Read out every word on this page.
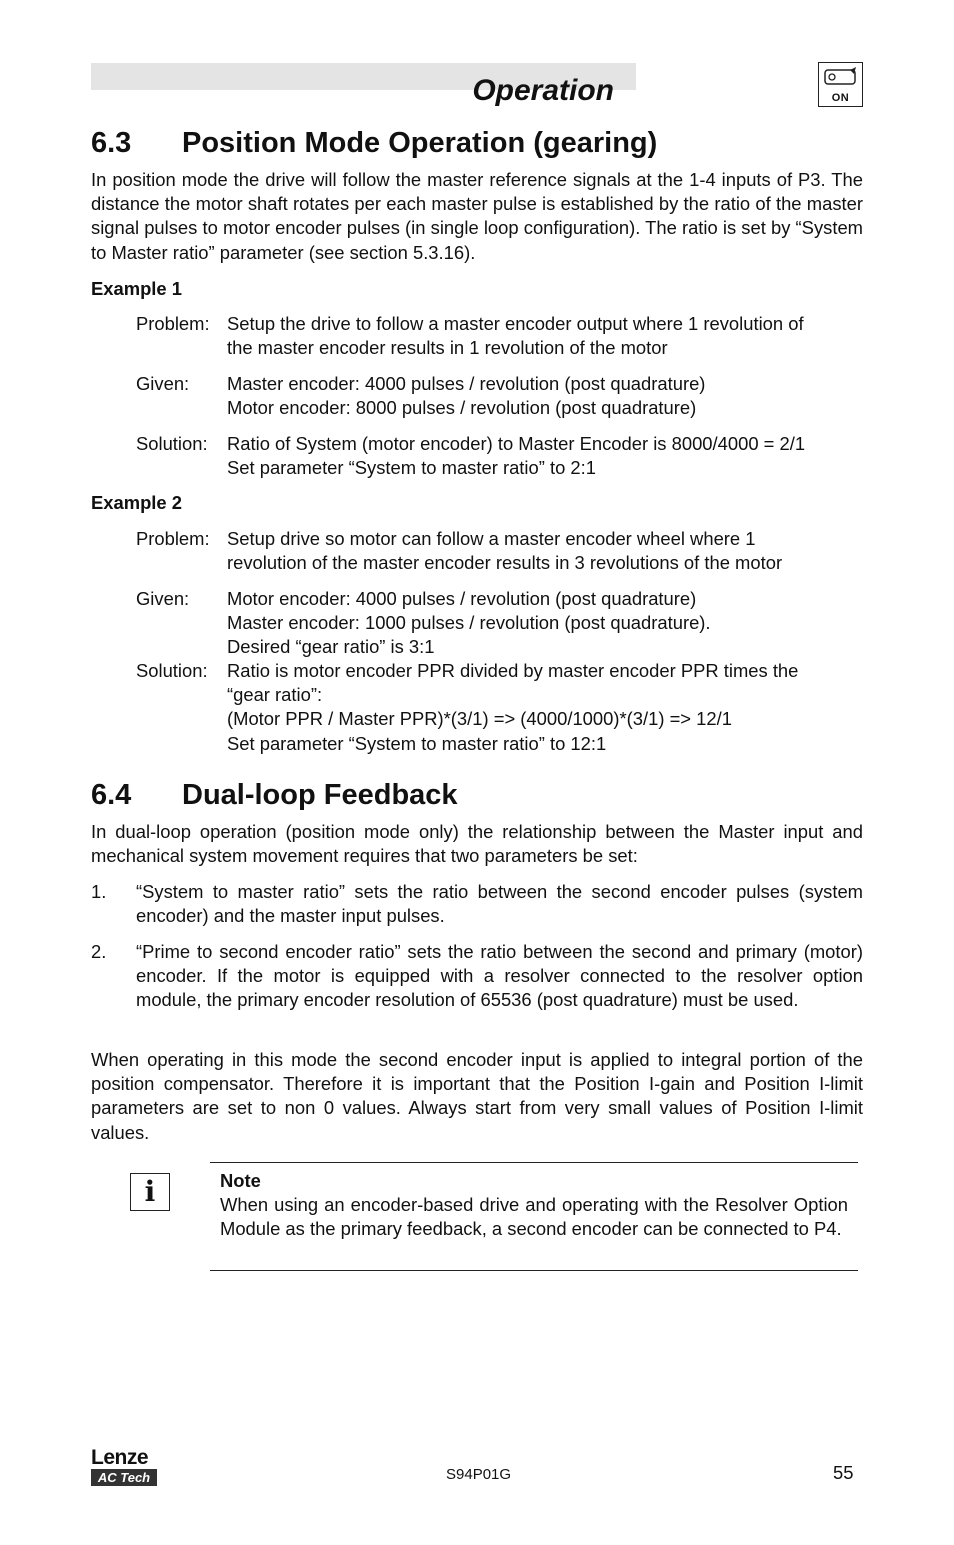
Operation	ON
6.3 Position Mode Operation (gearing)

In position mode the drive will follow the master reference signals at the 1-4 inputs of P3. The distance the motor shaft rotates per each master pulse is established by the ratio of the master signal pulses to motor encoder pulses (in single loop configuration). The ratio is set by “System to Master ratio” parameter (see section 5.3.16).

Example 1
Problem: Setup the drive to follow a master encoder output where 1 revolution of
the master encoder results in 1 revolution of the motor
Given: Master encoder: 4000 pulses / revolution (post quadrature)
Motor encoder: 8000 pulses / revolution (post quadrature)
Solution: Ratio of System (motor encoder) to Master Encoder is 8000/4000 = 2/1
Set parameter “System to master ratio” to 2:1
Example 2
Problem: Setup drive so motor can follow a master encoder wheel where 1
revolution of the master encoder results in 3 revolutions of the motor
Given: Motor encoder: 4000 pulses / revolution (post quadrature)
Master encoder: 1000 pulses / revolution (post quadrature).
Desired “gear ratio” is 3:1
Solution: Ratio is motor encoder PPR divided by master encoder PPR times the
“gear ratio”:
(Motor PPR / Master PPR)*(3/1) => (4000/1000)*(3/1) => 12/1
Set parameter “System to master ratio” to 12:1
6.4 Dual-loop Feedback

In dual-loop operation (position mode only) the relationship between the Master input and mechanical system movement requires that two parameters be set:

1. “System to master ratio” sets the ratio between the second encoder pulses (system encoder) and the master input pulses.
2. “Prime to second encoder ratio” sets the ratio between the second and primary (motor) encoder. If the motor is equipped with a resolver connected to the resolver option module, the primary encoder resolution of 65536 (post quadrature) must be used.

When operating in this mode the second encoder input is applied to integral portion of the position compensator. Therefore it is important that the Position I-gain and Position I-limit parameters are set to non 0 values. Always start from very small values of Position I-limit values.

i	Note
When using an encoder-based drive and operating with the Resolver Option Module as the primary feedback, a second encoder can be connected to P4.
Lenze
AC Tech	S94P01G	55
